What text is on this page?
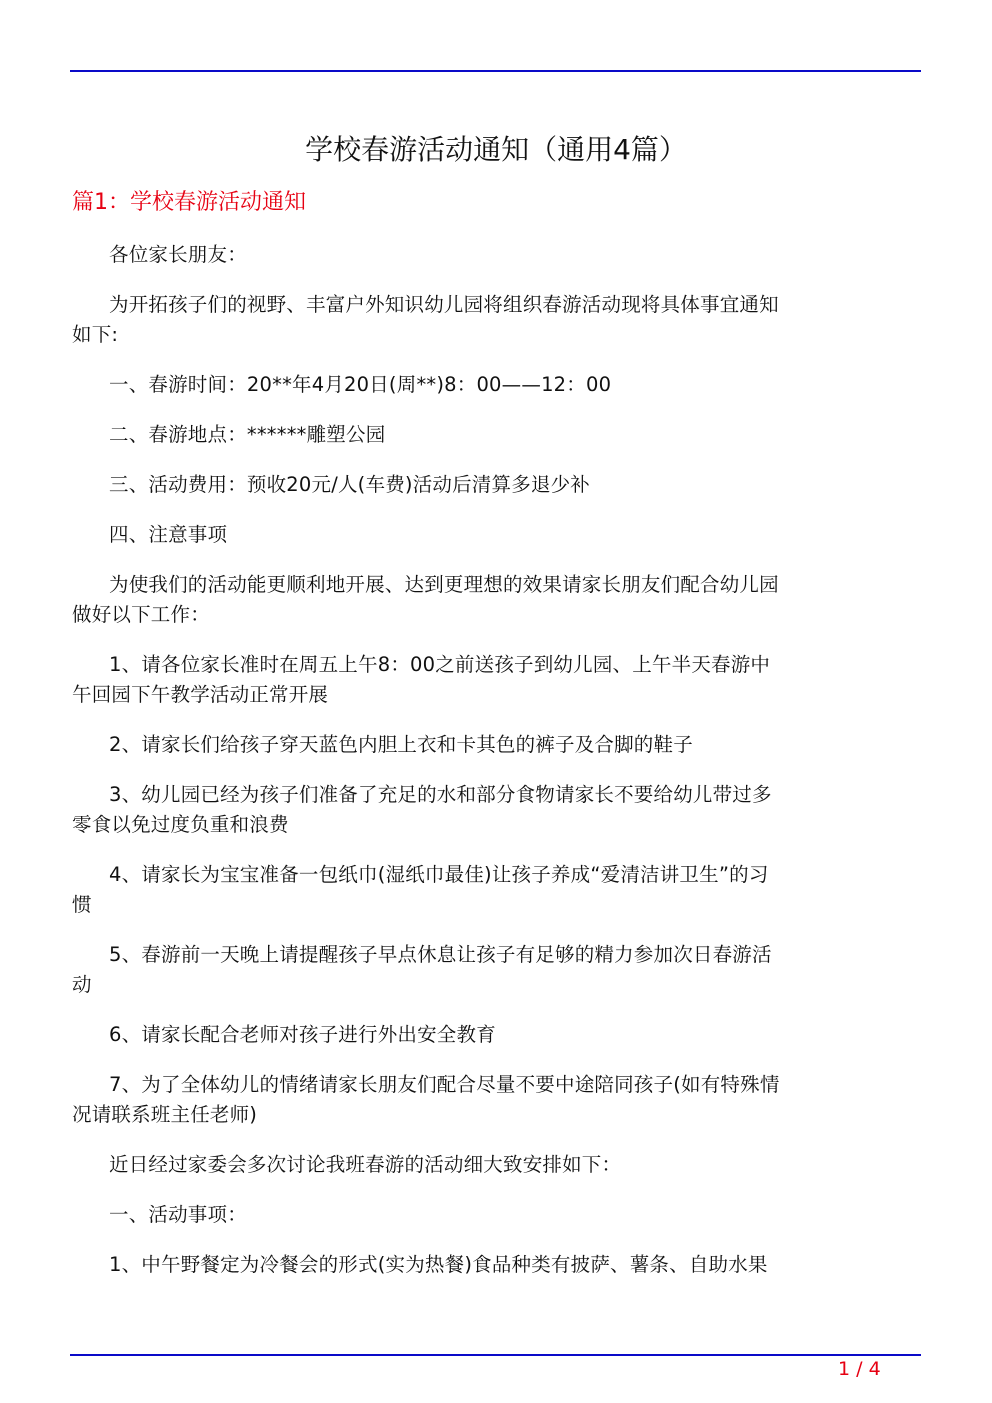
学校春游活动通知（通用4篇）
篇1：学校春游活动通知

各位家长朋友：

为开拓孩子们的视野、丰富户外知识幼儿园将组织春游活动现将具体事宜通知如下:

一、春游时间：20**年4月20日(周**)8：00——12：00

二、春游地点：******雕塑公园

三、活动费用：预收20元/人(车费)活动后清算多退少补

四、注意事项

为使我们的活动能更顺利地开展、达到更理想的效果请家长朋友们配合幼儿园做好以下工作：

1、请各位家长准时在周五上午8：00之前送孩子到幼儿园、上午半天春游中午回园下午教学活动正常开展

2、请家长们给孩子穿天蓝色内胆上衣和卡其色的裤子及合脚的鞋子

3、幼儿园已经为孩子们准备了充足的水和部分食物请家长不要给幼儿带过多零食以免过度负重和浪费

4、请家长为宝宝准备一包纸巾(湿纸巾最佳)让孩子养成“爱清洁讲卫生”的习惯

5、春游前一天晚上请提醒孩子早点休息让孩子有足够的精力参加次日春游活动

6、请家长配合老师对孩子进行外出安全教育

7、为了全体幼儿的情绪请家长朋友们配合尽量不要中途陪同孩子(如有特殊情况请联系班主任老师)

近日经过家委会多次讨论我班春游的活动细大致安排如下：

一、活动事项：

1、中午野餐定为冷餐会的形式(实为热餐)食品种类有披萨、薯条、自助水果

1 / 4
